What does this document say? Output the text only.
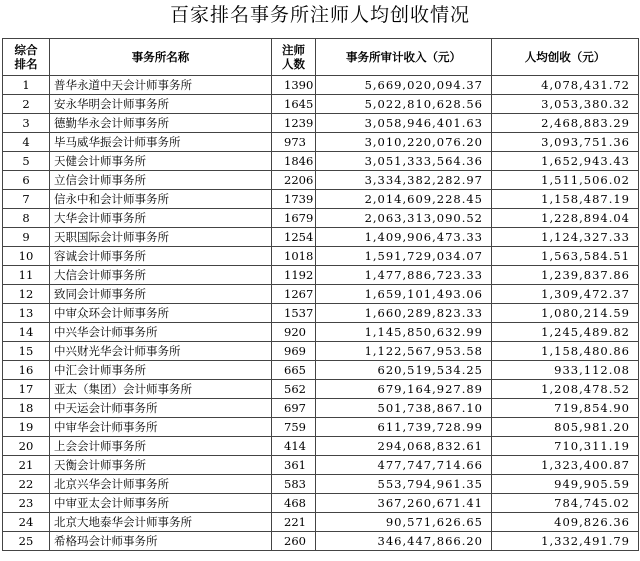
百家排名事务所注师人均创收情况
综合排名	事务所名称	注师人数	事务所审计收入（元）	人均创收（元）
1	普华永道中天会计师事务所	1390	5,669,020,094.37	4,078,431.72
2	安永华明会计师事务所	1645	5,022,810,628.56	3,053,380.32
3	德勤华永会计师事务所	1239	3,058,946,401.63	2,468,883.29
4	毕马威华振会计师事务所	973	3,010,220,076.20	3,093,751.36
5	天健会计师事务所	1846	3,051,333,564.36	1,652,943.43
6	立信会计师事务所	2206	3,334,382,282.97	1,511,506.02
7	信永中和会计师事务所	1739	2,014,609,228.45	1,158,487.19
8	大华会计师事务所	1679	2,063,313,090.52	1,228,894.04
9	天职国际会计师事务所	1254	1,409,906,473.33	1,124,327.33
10	容诚会计师事务所	1018	1,591,729,034.07	1,563,584.51
11	大信会计师事务所	1192	1,477,886,723.33	1,239,837.86
12	致同会计师事务所	1267	1,659,101,493.06	1,309,472.37
13	中审众环会计师事务所	1537	1,660,289,823.33	1,080,214.59
14	中兴华会计师事务所	920	1,145,850,632.99	1,245,489.82
15	中兴财光华会计师事务所	969	1,122,567,953.58	1,158,480.86
16	中汇会计师事务所	665	620,519,534.25	933,112.08
17	亚太（集团）会计师事务所	562	679,164,927.89	1,208,478.52
18	中天运会计师事务所	697	501,738,867.10	719,854.90
19	中审华会计师事务所	759	611,739,728.99	805,981.20
20	上会会计师事务所	414	294,068,832.61	710,311.19
21	天衡会计师事务所	361	477,747,714.66	1,323,400.87
22	北京兴华会计师事务所	583	553,794,961.35	949,905.59
23	中审亚太会计师事务所	468	367,260,671.41	784,745.02
24	北京大地泰华会计师事务所	221	90,571,626.65	409,826.36
25	希格玛会计师事务所	260	346,447,866.20	1,332,491.79
